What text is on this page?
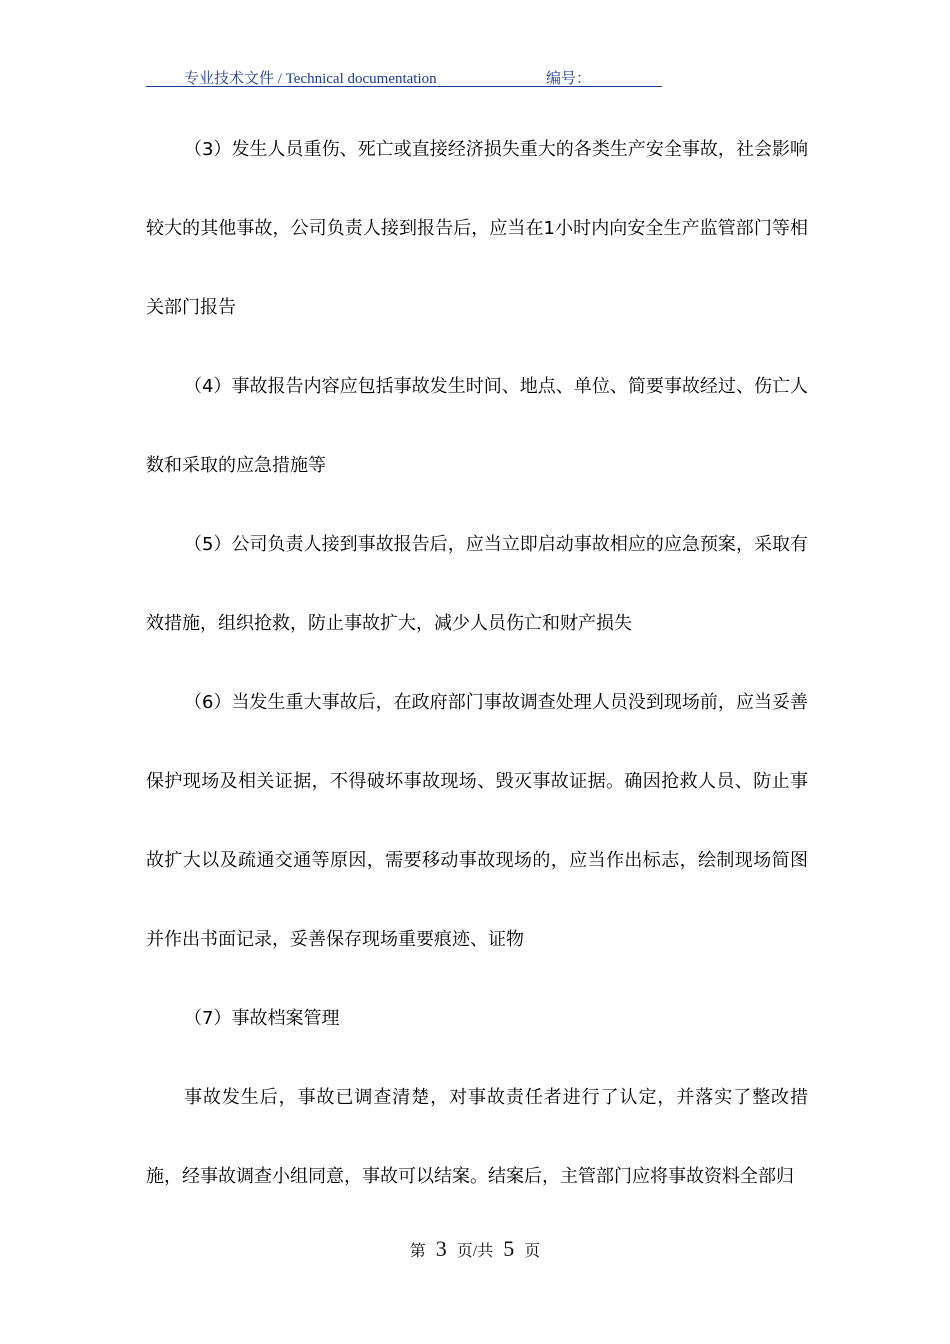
专业技术文件 / Technical documentation	编号：

（3）发生人员重伤、死亡或直接经济损失重大的各类生产安全事故，社会影响较大的其他事故，公司负责人接到报告后，应当在1小时内向安全生产监管部门等相关部门报告

（4）事故报告内容应包括事故发生时间、地点、单位、简要事故经过、伤亡人数和采取的应急措施等

（5）公司负责人接到事故报告后，应当立即启动事故相应的应急预案，采取有效措施，组织抢救，防止事故扩大，减少人员伤亡和财产损失

（6）当发生重大事故后，在政府部门事故调查处理人员没到现场前，应当妥善保护现场及相关证据，不得破坏事故现场、毁灭事故证据。确因抢救人员、防止事故扩大以及疏通交通等原因，需要移动事故现场的，应当作出标志，绘制现场简图并作出书面记录，妥善保存现场重要痕迹、证物

（7）事故档案管理

事故发生后，事故已调查清楚，对事故责任者进行了认定，并落实了整改措施，经事故调查小组同意，事故可以结案。结案后，主管部门应将事故资料全部归

第 3 页/共 5 页
